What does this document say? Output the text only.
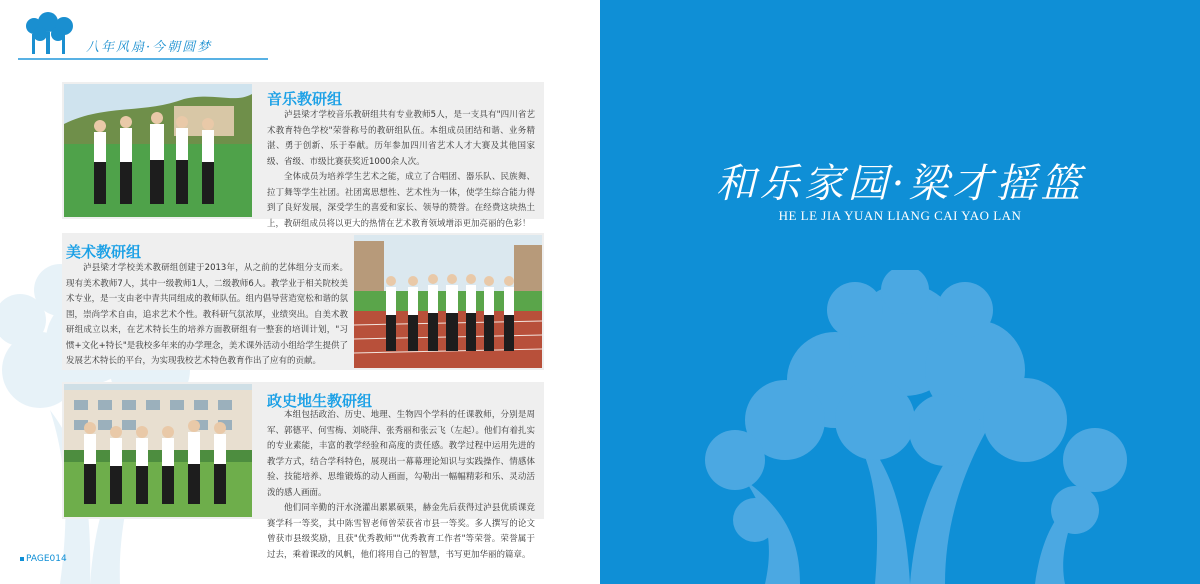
八年风扇·今朝圆梦
音乐教研组

泸县梁才学校音乐教研组共有专业教师5人，是一支具有"四川省艺术教育特色学校"荣誉称号的教研组队伍。本组成员团结和谐、业务精湛、勇于创新、乐于奉献。历年参加四川省艺术人才大赛及其他国家级、省级、市级比赛获奖近1000余人次。

全体成员为培养学生艺术之能，成立了合唱团、器乐队、民族舞、拉丁舞等学生社团。社团寓思想性、艺术性为一体，使学生综合能力得到了良好发展，深受学生的喜爱和家长、领导的赞誉。在经费这块热土上，教研组成员将以更大的热情在艺术教育领域增添更加亮丽的色彩！

美术教研组

泸县梁才学校美术教研组创建于2013年，从之前的艺体组分支而来。现有美术教师7人，其中一级教师1人，二级教师6人。教学业于相关院校美术专业，是一支由老中青共同组成的教师队伍。组内倡导营造宽松和谐的氛围，崇尚学术自由，追求艺术个性。教科研气氛浓厚，业绩突出。自美术教研组成立以来，在艺术特长生的培养方面教研组有一整套的培训计划，"习惯+文化+特长"是我校多年来的办学理念，美术课外活动小组给学生提供了发展艺术特长的平台，为实现我校艺术特色教育作出了应有的贡献。

政史地生教研组

本组包括政治、历史、地理、生物四个学科的任课教师，分别是周军、郭德平、何雪梅、刘晓萍、张秀丽和张云飞（左起）。他们有着扎实的专业素能，丰富的教学经验和高度的责任感。教学过程中运用先进的教学方式，结合学科特色，展现出一幕幕理论知识与实践操作、情感体验、技能培养、思维锻炼的动人画面，勾勒出一幅幅精彩和乐、灵动活泼的感人画面。

他们同辛勤的汗水浇灌出累累硕果，赫金先后获得过泸县优质课竞赛学科一等奖，其中陈雪智老师曾荣获省市县一等奖。多人撰写的论文曾获市县级奖励，且获"优秀教师""优秀教育工作者"等荣誉。荣誉属于过去，乘着课改的风帆，他们将用自己的智慧，书写更加华丽的篇章。

PAGE014
和乐家园·梁才摇篮
HE LE JIA YUAN LIANG CAI YAO LAN
